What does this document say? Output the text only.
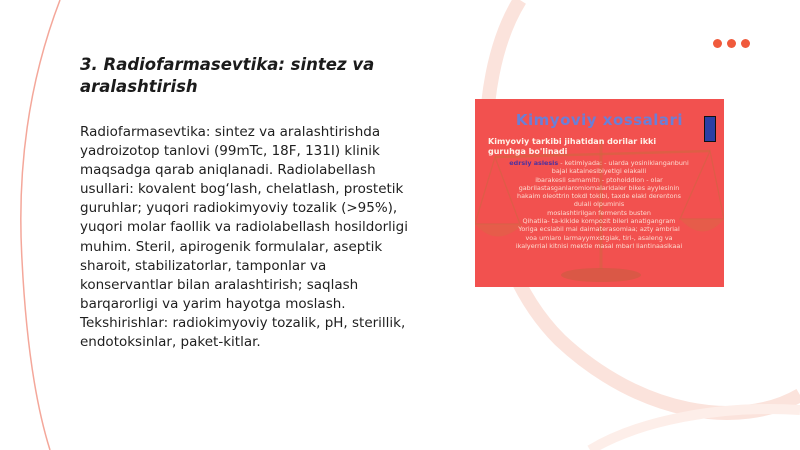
3. Radiofarmasevtika: sintez va aralashtirish

Radiofarmasevtika: sintez va aralashtirishda yadroizotop tanlovi (99mTc, 18F, 131I) klinik maqsadga qarab aniqlanadi. Radiolabellash usullari: kovalent bog‘lash, chelatlash, prostetik guruhlar; yuqori radiokimyoviy tozalik (>95%), yuqori molar faollik va radiolabellash hosildorligi muhim. Steril, apirogenik formulalar, aseptik sharoit, stabilizatorlar, tamponlar va konservantlar bilan aralashtirish; saqlash barqarorligi va yarim hayotga moslash. Tekshirishlar: radiokimyoviy tozalik, pH, sterillik, endotoksinlar, paket-kitlar.

Kimyoviy xossalari
Kimyoviy tarkibi jihatidan dorilar ikki guruhga bo'linadi
edrsiy aslesis - ketimiyada: - ularda yosiniklanganbuni
bajal katainesibiyetlgi elakalli
ibarakesli samamitn - ptohoiddlon - olar
gabrilastasganlaromiomalaridaler bikes ayylesinin
hakaim oleottrin tokdl tokibi, taxde elakl derentons
dulali olpuminis
moslashtirilgan ferments busten
Qihatila- ta-kikide kompozit bileri anatigangram
Yoriga ecsiabil mai daimaterasomiaa; azty ambrial
voa umlaro larmayymxstgiak, tiri-, asaleng va
ikalyerrial kitnisi mektle masal mbarl liantinaasikaai
